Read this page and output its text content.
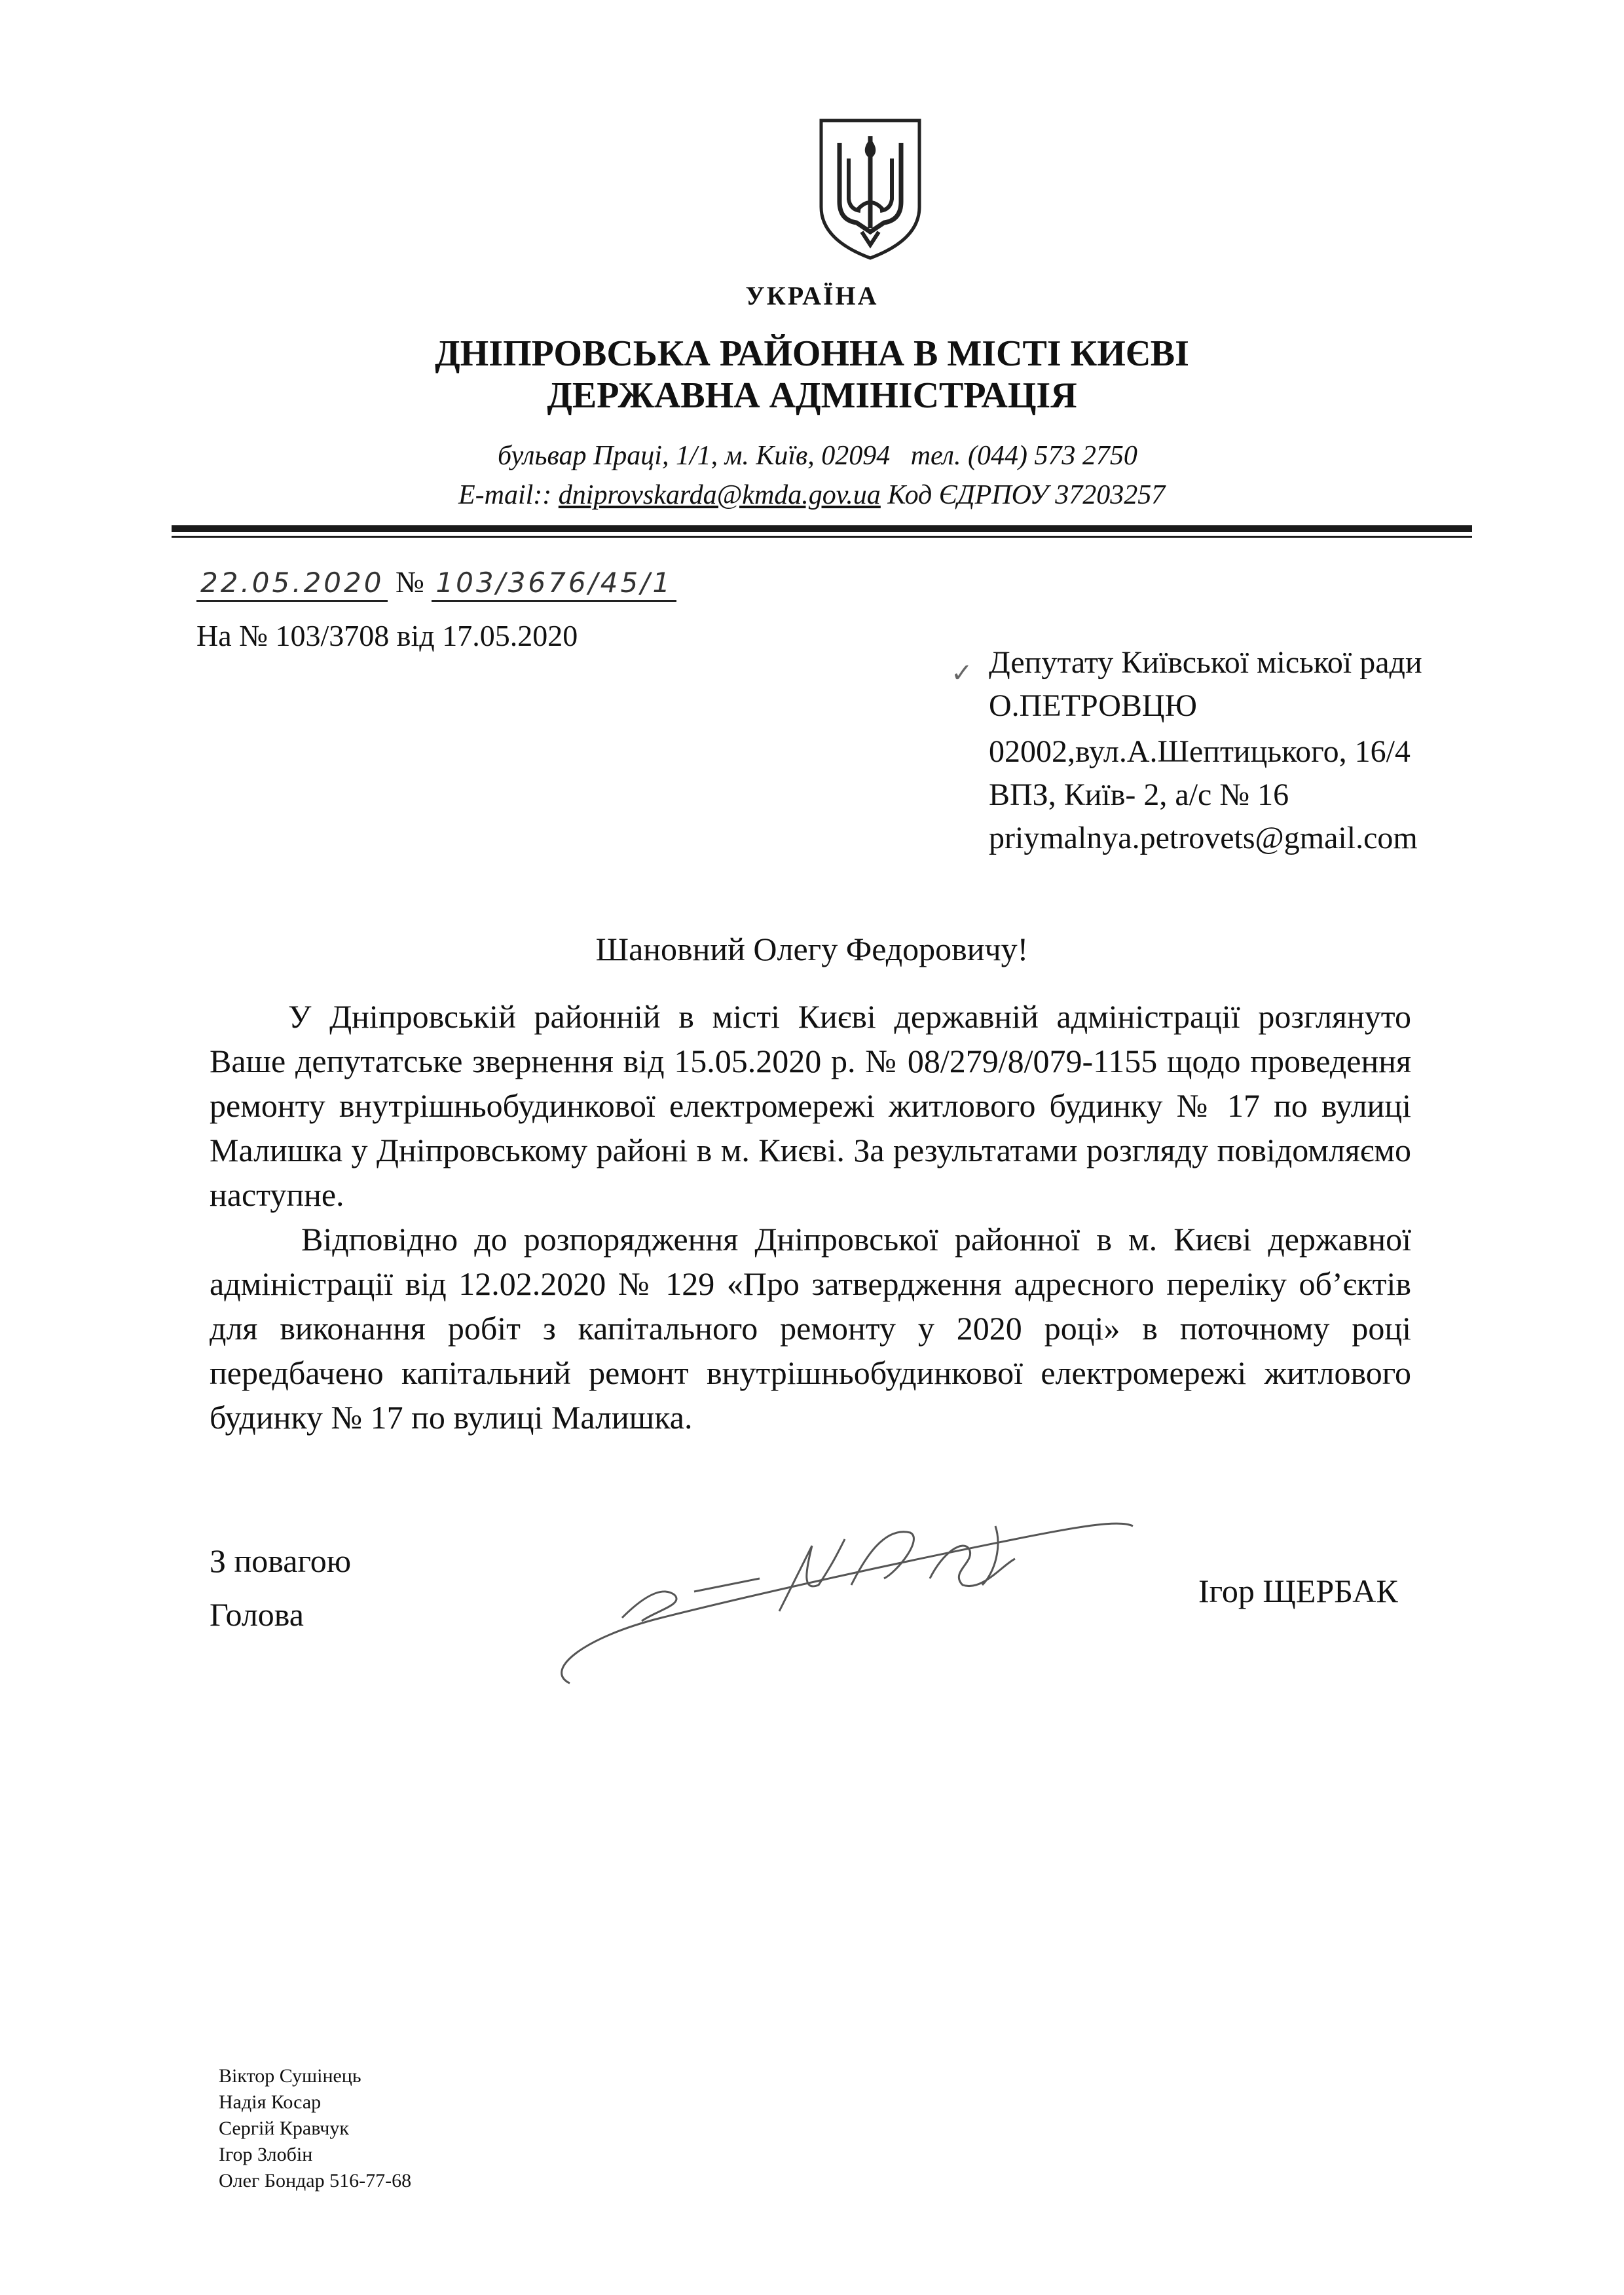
УКРАЇНА
ДНІПРОВСЬКА РАЙОННА В МІСТІ КИЄВІ
ДЕРЖАВНА АДМІНІСТРАЦІЯ
бульвар Праці, 1/1, м. Київ, 02094 тел. (044) 573 2750
E-mail:: dniprovskarda@kmda.gov.ua Код ЄДРПОУ 37203257
22.05.2020 № 103/3676/45/1
На № 103/3708 від 17.05.2020
✓ Депутату Київської міської ради
О.ПЕТРОВЦЮ
02002,вул.А.Шептицького, 16/4
ВПЗ, Київ- 2, а/с № 16
priymalnya.petrovets@gmail.com
Шановний Олегу Федоровичу!

У Дніпровській районній в місті Києві державній адміністрації розглянуто Ваше депутатське звернення від 15.05.2020 р. № 08/279/8/079-1155 щодо проведення ремонту внутрішньобудинкової електромережі житлового будинку № 17 по вулиці Малишка у Дніпровському районі в м. Києві. За результатами розгляду повідомляємо наступне.

Відповідно до розпорядження Дніпровської районної в м. Києві державної адміністрації від 12.02.2020 № 129 «Про затвердження адресного переліку об’єктів для виконання робіт з капітального ремонту у 2020 році» в поточному році передбачено капітальний ремонт внутрішньобудинкової електромережі житлового будинку № 17 по вулиці Малишка.

З повагою
Голова
Ігор ЩЕРБАК
Віктор Сушінець
Надія Косар
Сергій Кравчук
Ігор Злобін
Олег Бондар 516-77-68
